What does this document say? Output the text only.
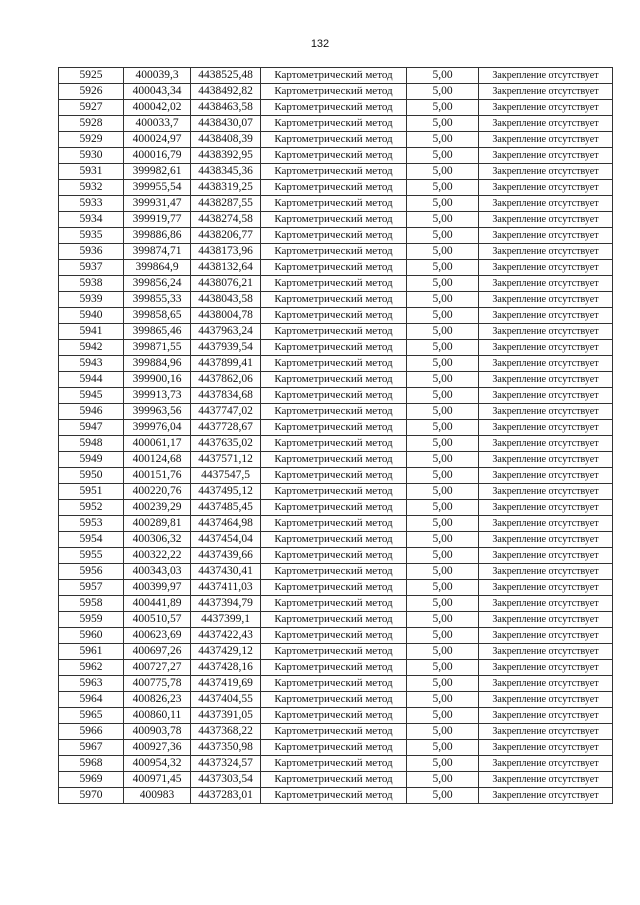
132
5925	400039,3	4438525,48	Картометрический метод	5,00	Закрепление отсутствует
5926	400043,34	4438492,82	Картометрический метод	5,00	Закрепление отсутствует
5927	400042,02	4438463,58	Картометрический метод	5,00	Закрепление отсутствует
5928	400033,7	4438430,07	Картометрический метод	5,00	Закрепление отсутствует
5929	400024,97	4438408,39	Картометрический метод	5,00	Закрепление отсутствует
5930	400016,79	4438392,95	Картометрический метод	5,00	Закрепление отсутствует
5931	399982,61	4438345,36	Картометрический метод	5,00	Закрепление отсутствует
5932	399955,54	4438319,25	Картометрический метод	5,00	Закрепление отсутствует
5933	399931,47	4438287,55	Картометрический метод	5,00	Закрепление отсутствует
5934	399919,77	4438274,58	Картометрический метод	5,00	Закрепление отсутствует
5935	399886,86	4438206,77	Картометрический метод	5,00	Закрепление отсутствует
5936	399874,71	4438173,96	Картометрический метод	5,00	Закрепление отсутствует
5937	399864,9	4438132,64	Картометрический метод	5,00	Закрепление отсутствует
5938	399856,24	4438076,21	Картометрический метод	5,00	Закрепление отсутствует
5939	399855,33	4438043,58	Картометрический метод	5,00	Закрепление отсутствует
5940	399858,65	4438004,78	Картометрический метод	5,00	Закрепление отсутствует
5941	399865,46	4437963,24	Картометрический метод	5,00	Закрепление отсутствует
5942	399871,55	4437939,54	Картометрический метод	5,00	Закрепление отсутствует
5943	399884,96	4437899,41	Картометрический метод	5,00	Закрепление отсутствует
5944	399900,16	4437862,06	Картометрический метод	5,00	Закрепление отсутствует
5945	399913,73	4437834,68	Картометрический метод	5,00	Закрепление отсутствует
5946	399963,56	4437747,02	Картометрический метод	5,00	Закрепление отсутствует
5947	399976,04	4437728,67	Картометрический метод	5,00	Закрепление отсутствует
5948	400061,17	4437635,02	Картометрический метод	5,00	Закрепление отсутствует
5949	400124,68	4437571,12	Картометрический метод	5,00	Закрепление отсутствует
5950	400151,76	4437547,5	Картометрический метод	5,00	Закрепление отсутствует
5951	400220,76	4437495,12	Картометрический метод	5,00	Закрепление отсутствует
5952	400239,29	4437485,45	Картометрический метод	5,00	Закрепление отсутствует
5953	400289,81	4437464,98	Картометрический метод	5,00	Закрепление отсутствует
5954	400306,32	4437454,04	Картометрический метод	5,00	Закрепление отсутствует
5955	400322,22	4437439,66	Картометрический метод	5,00	Закрепление отсутствует
5956	400343,03	4437430,41	Картометрический метод	5,00	Закрепление отсутствует
5957	400399,97	4437411,03	Картометрический метод	5,00	Закрепление отсутствует
5958	400441,89	4437394,79	Картометрический метод	5,00	Закрепление отсутствует
5959	400510,57	4437399,1	Картометрический метод	5,00	Закрепление отсутствует
5960	400623,69	4437422,43	Картометрический метод	5,00	Закрепление отсутствует
5961	400697,26	4437429,12	Картометрический метод	5,00	Закрепление отсутствует
5962	400727,27	4437428,16	Картометрический метод	5,00	Закрепление отсутствует
5963	400775,78	4437419,69	Картометрический метод	5,00	Закрепление отсутствует
5964	400826,23	4437404,55	Картометрический метод	5,00	Закрепление отсутствует
5965	400860,11	4437391,05	Картометрический метод	5,00	Закрепление отсутствует
5966	400903,78	4437368,22	Картометрический метод	5,00	Закрепление отсутствует
5967	400927,36	4437350,98	Картометрический метод	5,00	Закрепление отсутствует
5968	400954,32	4437324,57	Картометрический метод	5,00	Закрепление отсутствует
5969	400971,45	4437303,54	Картометрический метод	5,00	Закрепление отсутствует
5970	400983	4437283,01	Картометрический метод	5,00	Закрепление отсутствует
